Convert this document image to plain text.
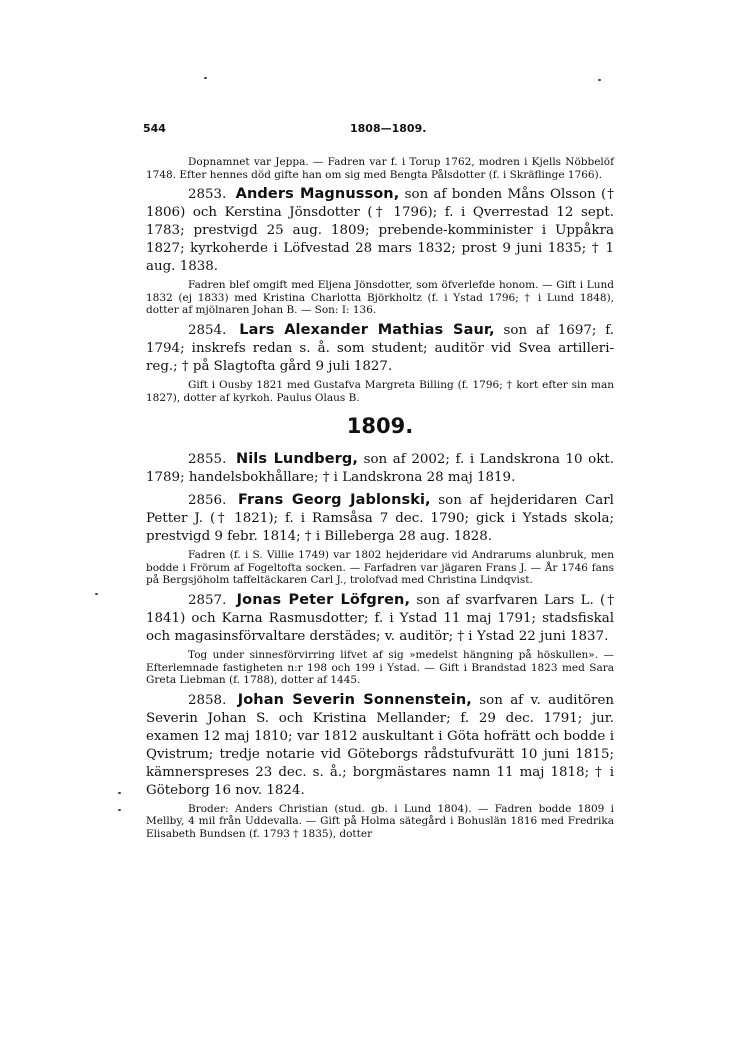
544	1808—1809.

Dopnamnet var Jeppa. — Fadren var f. i Torup 1762, modren i Kjells Nöbbelöf 1748. Efter hennes död gifte han om sig med Bengta Pålsdotter (f. i Skräflinge 1766).

2853. Anders Magnusson, son af bonden Måns Olsson († 1806) och Kerstina Jönsdotter († 1796); f. i Qverrestad 12 sept. 1783; prestvigd 25 aug. 1809; prebende-komminister i Uppåkra 1827; kyrkoherde i Löfvestad 28 mars 1832; prost 9 juni 1835; † 1 aug. 1838.

Fadren blef omgift med Eljena Jönsdotter, som öfverlefde honom. — Gift i Lund 1832 (ej 1833) med Kristina Charlotta Björkholtz (f. i Ystad 1796; † i Lund 1848), dotter af mjölnaren Johan B. — Son: I: 136.

2854. Lars Alexander Mathias Saur, son af 1697; f. 1794; inskrefs redan s. å. som student; auditör vid Svea artilleri-reg.; † på Slagtofta gård 9 juli 1827.

Gift i Ousby 1821 med Gustafva Margreta Billing (f. 1796; † kort efter sin man 1827), dotter af kyrkoh. Paulus Olaus B.

1809.

2855. Nils Lundberg, son af 2002; f. i Landskrona 10 okt. 1789; handelsbokhållare; † i Landskrona 28 maj 1819.

2856. Frans Georg Jablonski, son af hejderidaren Carl Petter J. († 1821); f. i Ramsåsa 7 dec. 1790; gick i Ystads skola; prestvigd 9 febr. 1814; † i Billeberga 28 aug. 1828.

Fadren (f. i S. Villie 1749) var 1802 hejderidare vid Andrarums alunbruk, men bodde i Frörum af Fogeltofta socken. — Farfadren var jägaren Frans J. — År 1746 fans på Bergsjöholm taffeltäckaren Carl J., trolofvad med Christina Lindqvist.

2857. Jonas Peter Löfgren, son af svarfvaren Lars L. († 1841) och Karna Rasmusdotter; f. i Ystad 11 maj 1791; stadsfiskal och magasinsförvaltare derstädes; v. auditör; † i Ystad 22 juni 1837.

Tog under sinnesförvirring lifvet af sig »medelst hängning på höskullen». — Efterlemnade fastigheten n:r 198 och 199 i Ystad. — Gift i Brandstad 1823 med Sara Greta Liebman (f. 1788), dotter af 1445.

2858. Johan Severin Sonnenstein, son af v. auditören Severin Johan S. och Kristina Mellander; f. 29 dec. 1791; jur. examen 12 maj 1810; var 1812 auskultant i Göta hofrätt och bodde i Qvistrum; tredje notarie vid Göteborgs rådstufvurätt 10 juni 1815; kämnerspreses 23 dec. s. å.; borgmästares namn 11 maj 1818; † i Göteborg 16 nov. 1824.

Broder: Anders Christian (stud. gb. i Lund 1804). — Fadren bodde 1809 i Mellby, 4 mil från Uddevalla. — Gift på Holma sätegård i Bohuslän 1816 med Fredrika Elisabeth Bundsen (f. 1793 † 1835), dotter
